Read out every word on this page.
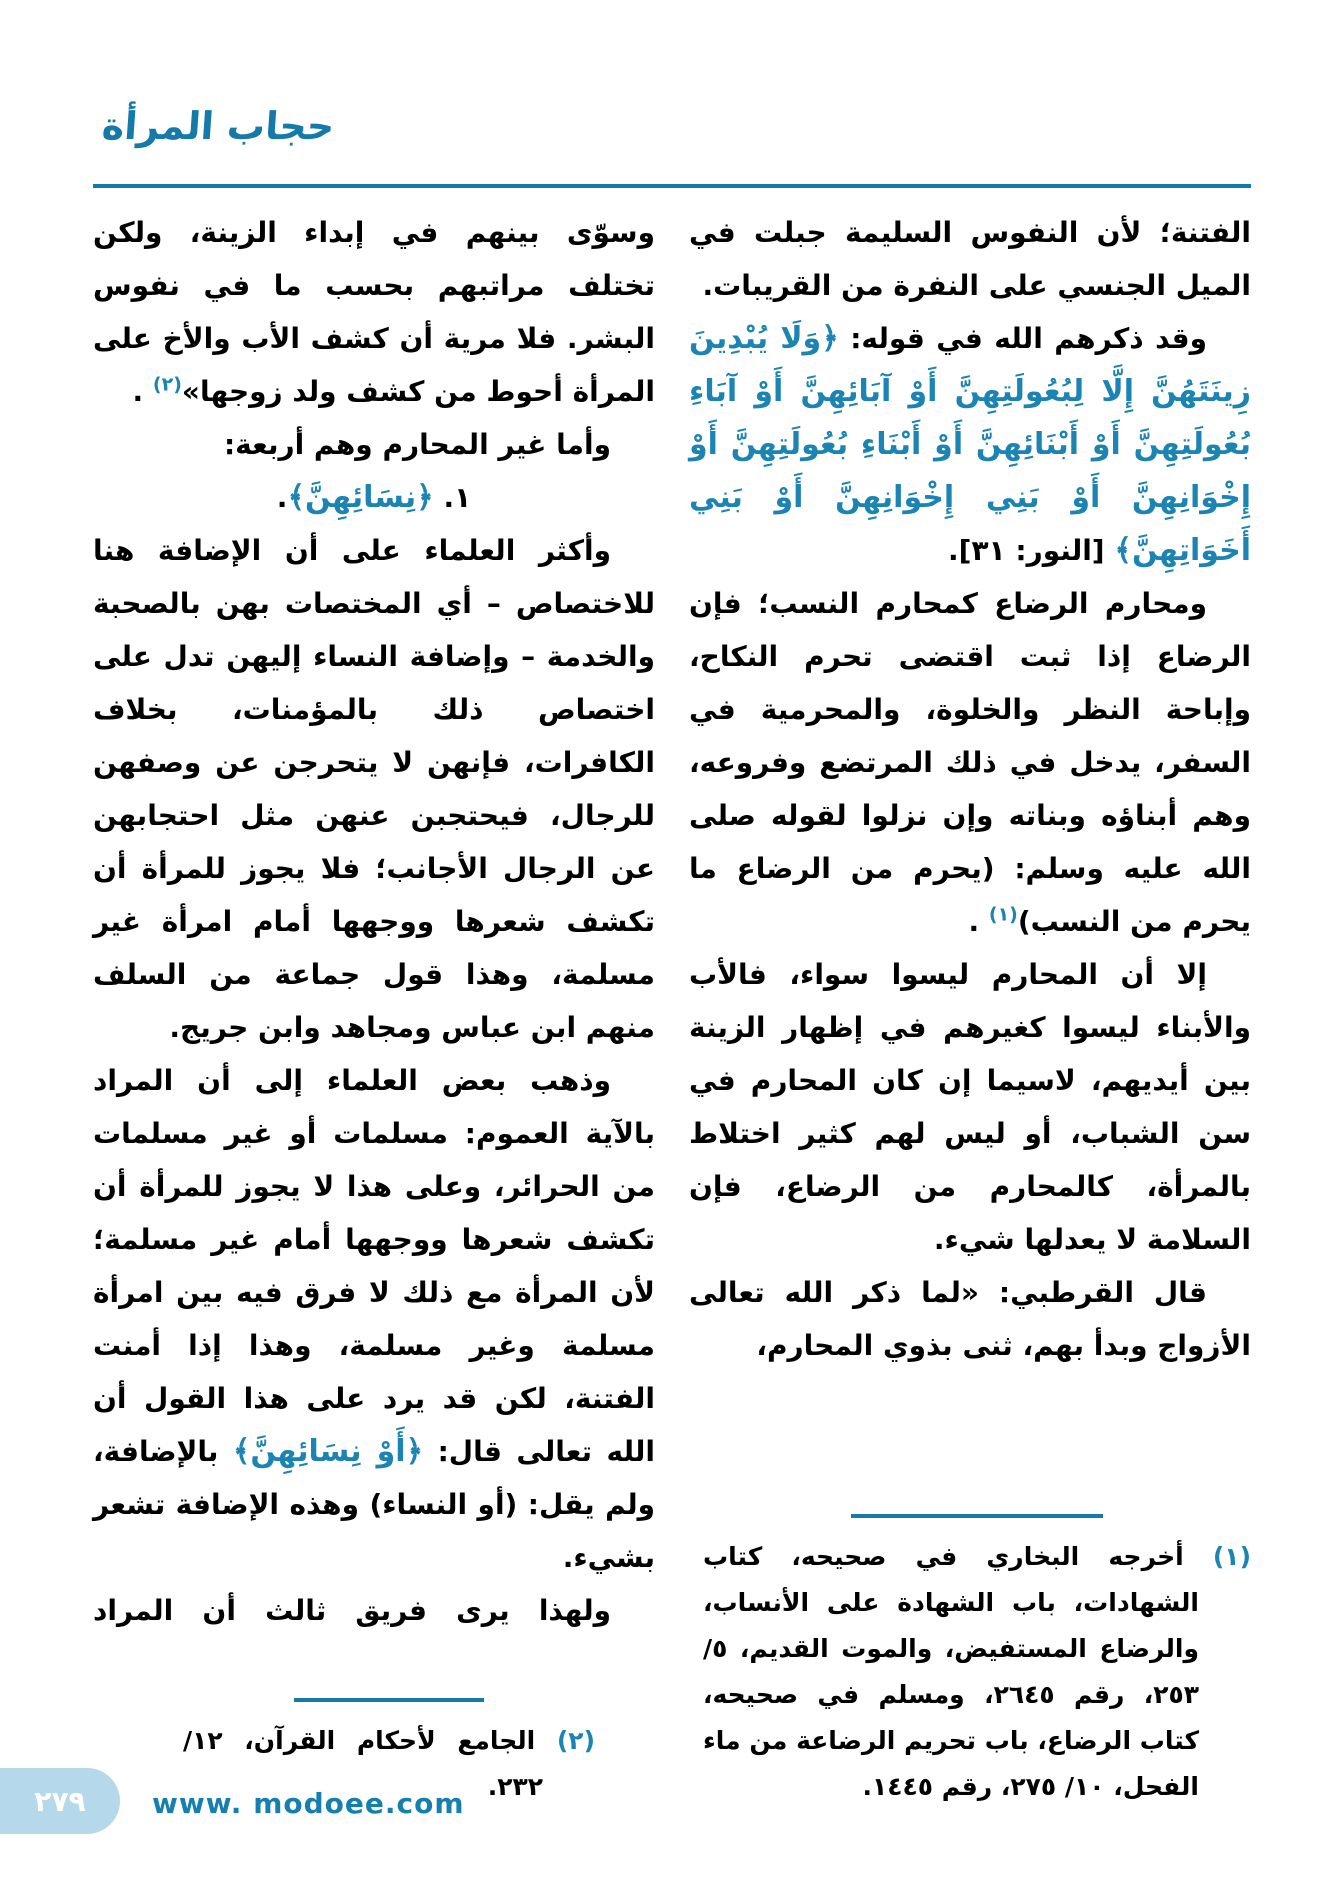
حجاب المرأة

الفتنة؛ لأن النفوس السليمة جبلت في الميل الجنسي على النفرة من القريبات.

وقد ذكرهم الله في قوله: ﴿وَلَا يُبْدِينَ زِينَتَهُنَّ إِلَّا لِبُعُولَتِهِنَّ أَوْ آبَائِهِنَّ أَوْ آبَاءِ بُعُولَتِهِنَّ أَوْ أَبْنَائِهِنَّ أَوْ أَبْنَاءِ بُعُولَتِهِنَّ أَوْ إِخْوَانِهِنَّ أَوْ بَنِي إِخْوَانِهِنَّ أَوْ بَنِي أَخَوَاتِهِنَّ﴾ [النور: ٣١].

ومحارم الرضاع كمحارم النسب؛ فإن الرضاع إذا ثبت اقتضى تحرم النكاح، وإباحة النظر والخلوة، والمحرمية في السفر، يدخل في ذلك المرتضع وفروعه، وهم أبناؤه وبناته وإن نزلوا لقوله صلى الله عليه وسلم: (يحرم من الرضاع ما يحرم من النسب)$^{(١)}$ .

إلا أن المحارم ليسوا سواء، فالأب والأبناء ليسوا كغيرهم في إظهار الزينة بين أيديهم، لاسيما إن كان المحارم في سن الشباب، أو ليس لهم كثير اختلاط بالمرأة، كالمحارم من الرضاع، فإن السلامة لا يعدلها شيء.

قال القرطبي: «لما ذكر الله تعالى الأزواج وبدأ بهم، ثنى بذوي المحارم،

(١) أخرجه البخاري في صحيحه، كتاب الشهادات، باب الشهادة على الأنساب، والرضاع المستفيض، والموت القديم، ٥/ ٢٥٣، رقم ٢٦٤٥، ومسلم في صحيحه، كتاب الرضاع، باب تحريم الرضاعة من ماء الفحل، ١٠/ ٢٧٥، رقم ١٤٤٥.

وسوّى بينهم في إبداء الزينة، ولكن تختلف مراتبهم بحسب ما في نفوس البشر. فلا مرية أن كشف الأب والأخ على المرأة أحوط من كشف ولد زوجها»$^{(٢)}$ .

وأما غير المحارم وهم أربعة:

١. ﴿نِسَائِهِنَّ﴾.

وأكثر العلماء على أن الإضافة هنا للاختصاص – أي المختصات بهن بالصحبة والخدمة – وإضافة النساء إليهن تدل على اختصاص ذلك بالمؤمنات، بخلاف الكافرات، فإنهن لا يتحرجن عن وصفهن للرجال، فيحتجبن عنهن مثل احتجابهن عن الرجال الأجانب؛ فلا يجوز للمرأة أن تكشف شعرها ووجهها أمام امرأة غير مسلمة، وهذا قول جماعة من السلف منهم ابن عباس ومجاهد وابن جريج.

وذهب بعض العلماء إلى أن المراد بالآية العموم: مسلمات أو غير مسلمات من الحرائر، وعلى هذا لا يجوز للمرأة أن تكشف شعرها ووجهها أمام غير مسلمة؛ لأن المرأة مع ذلك لا فرق فيه بين امرأة مسلمة وغير مسلمة، وهذا إذا أمنت الفتنة، لكن قد يرد على هذا القول أن الله تعالى قال: ﴿أَوْ نِسَائِهِنَّ﴾ بالإضافة، ولم يقل: (أو النساء) وهذه الإضافة تشعر بشيء.

ولهذا يرى فريق ثالث أن المراد

(٢) الجامع لأحكام القرآن، ١٢/ ٢٣٢.

٢٧٩ www. modoee.com
